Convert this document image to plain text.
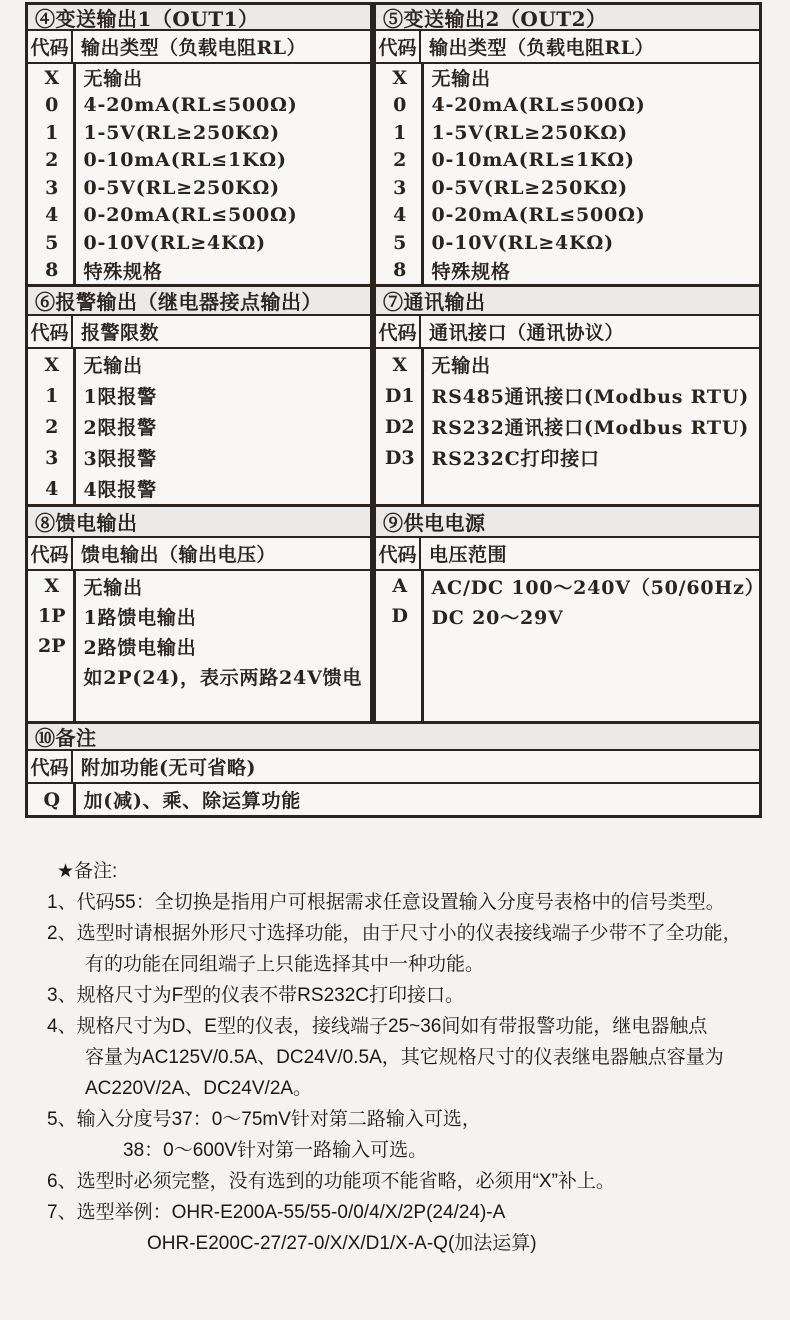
④变送输出1（OUT1）
代码 输出类型（负载电阻RL）
X	无输出
0	4-20mA(RL≤500Ω)
1	1-5V(RL≥250KΩ)
2	0-10mA(RL≤1KΩ)
3	0-5V(RL≥250KΩ)
4	0-20mA(RL≤500Ω)
5	0-10V(RL≥4KΩ)
8	特殊规格
⑤变送输出2（OUT2）
代码 输出类型（负载电阻RL）
X	无输出
0	4-20mA(RL≤500Ω)
1	1-5V(RL≥250KΩ)
2	0-10mA(RL≤1KΩ)
3	0-5V(RL≥250KΩ)
4	0-20mA(RL≤500Ω)
5	0-10V(RL≥4KΩ)
8	特殊规格
⑥报警输出（继电器接点输出）
代码 报警限数
X	无输出
1	1限报警
2	2限报警
3	3限报警
4	4限报警
⑦通讯输出
代码 通讯接口（通讯协议）
X	无输出
D1 RS485通讯接口(Modbus RTU)
D2 RS232通讯接口(Modbus RTU)
D3 RS232C打印接口
⑧馈电输出
代码 馈电输出（输出电压）
X	无输出
1P 1路馈电输出
2P 2路馈电输出
如2P(24)，表示两路24V馈电
⑨供电电源
代码 电压范围
A	AC/DC 100～240V（50/60Hz）
D	DC 20～29V
⑩备注
代码 附加功能(无可省略)
Q	加(减)、乘、除运算功能
★备注:
1、代码55：全切换是指用户可根据需求任意设置输入分度号表格中的信号类型。
2、选型时请根据外形尺寸选择功能，由于尺寸小的仪表接线端子少带不了全功能，
有的功能在同组端子上只能选择其中一种功能。
3、规格尺寸为F型的仪表不带RS232C打印接口。
4、规格尺寸为D、E型的仪表，接线端子25~36间如有带报警功能，继电器触点
容量为AC125V/0.5A、DC24V/0.5A，其它规格尺寸的仪表继电器触点容量为
AC220V/2A、DC24V/2A。
5、输入分度号37：0～75mV针对第二路输入可选，
38：0～600V针对第一路输入可选。
6、选型时必须完整，没有选到的功能项不能省略，必须用“X”补上。
7、选型举例：OHR-E200A-55/55-0/0/4/X/2P(24/24)-A
OHR-E200C-27/27-0/X/X/D1/X-A-Q(加法运算)
